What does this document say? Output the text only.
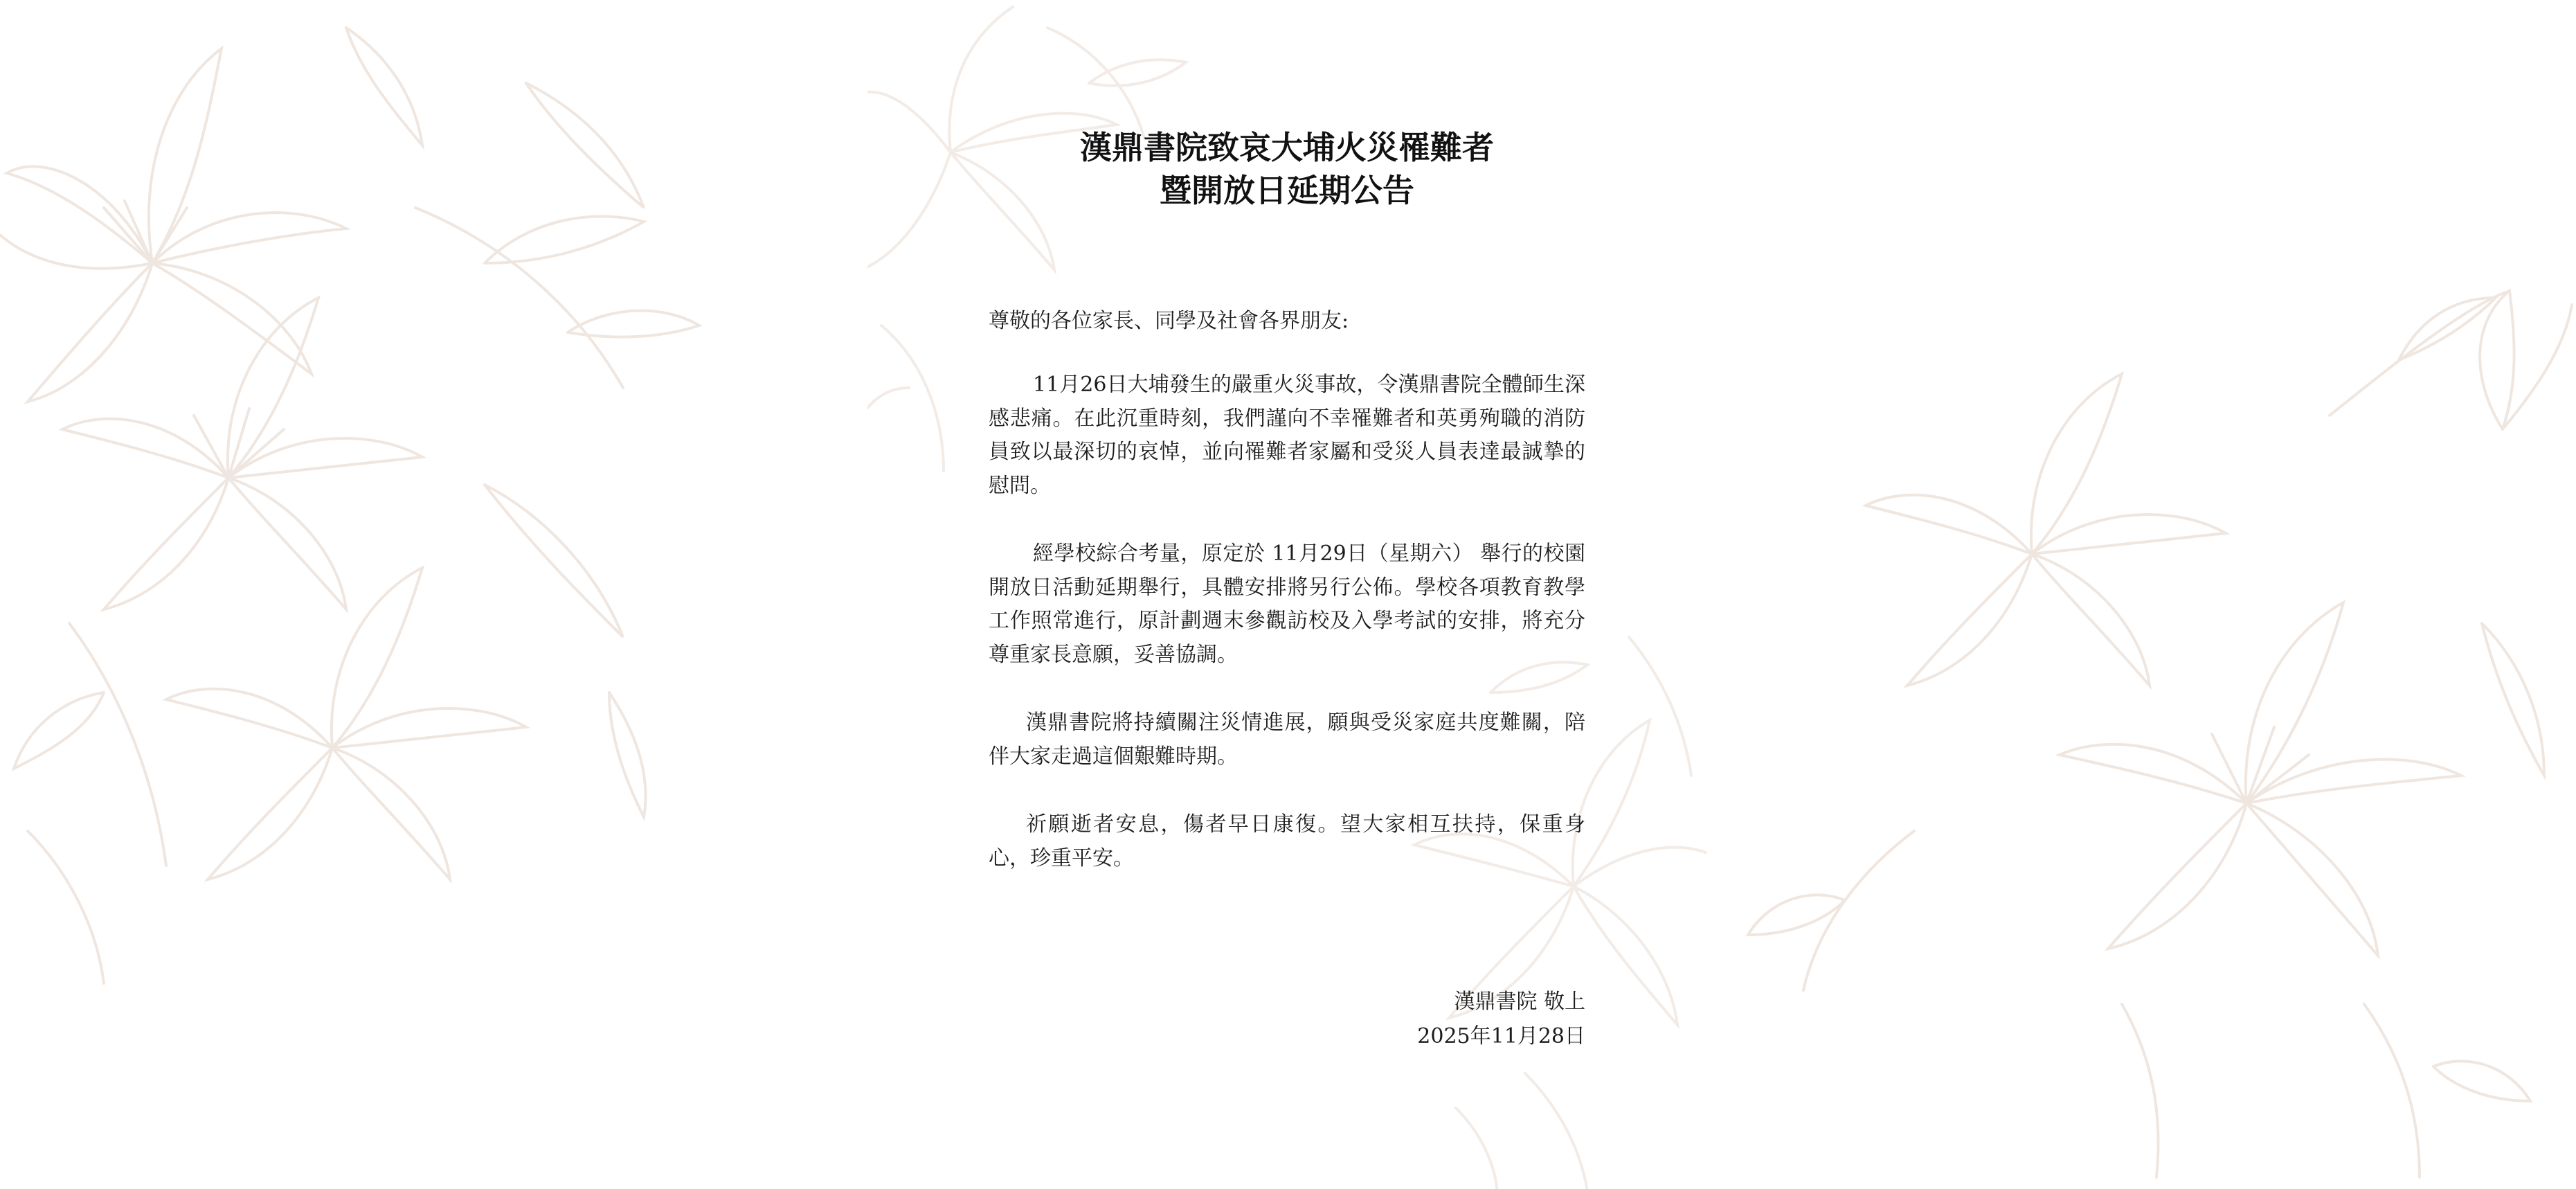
漢鼎書院致哀大埔火災罹難者
暨開放日延期公告
尊敬的各位家長、同學及社會各界朋友:

11月26日大埔發生的嚴重火災事故，令漢鼎書院全體師生深感悲痛。在此沉重時刻，我們謹向不幸罹難者和英勇殉職的消防員致以最深切的哀悼，並向罹難者家屬和受災人員表達最誠摯的慰問。

經學校綜合考量，原定於 11月29日（星期六） 舉行的校園開放日活動延期舉行，具體安排將另行公佈。學校各項教育教學工作照常進行，原計劃週末參觀訪校及入學考試的安排，將充分尊重家長意願，妥善協調。

漢鼎書院將持續關注災情進展，願與受災家庭共度難關，陪伴大家走過這個艱難時期。

祈願逝者安息，傷者早日康復。望大家相互扶持，保重身心，珍重平安。

漢鼎書院 敬上
2025年11月28日
